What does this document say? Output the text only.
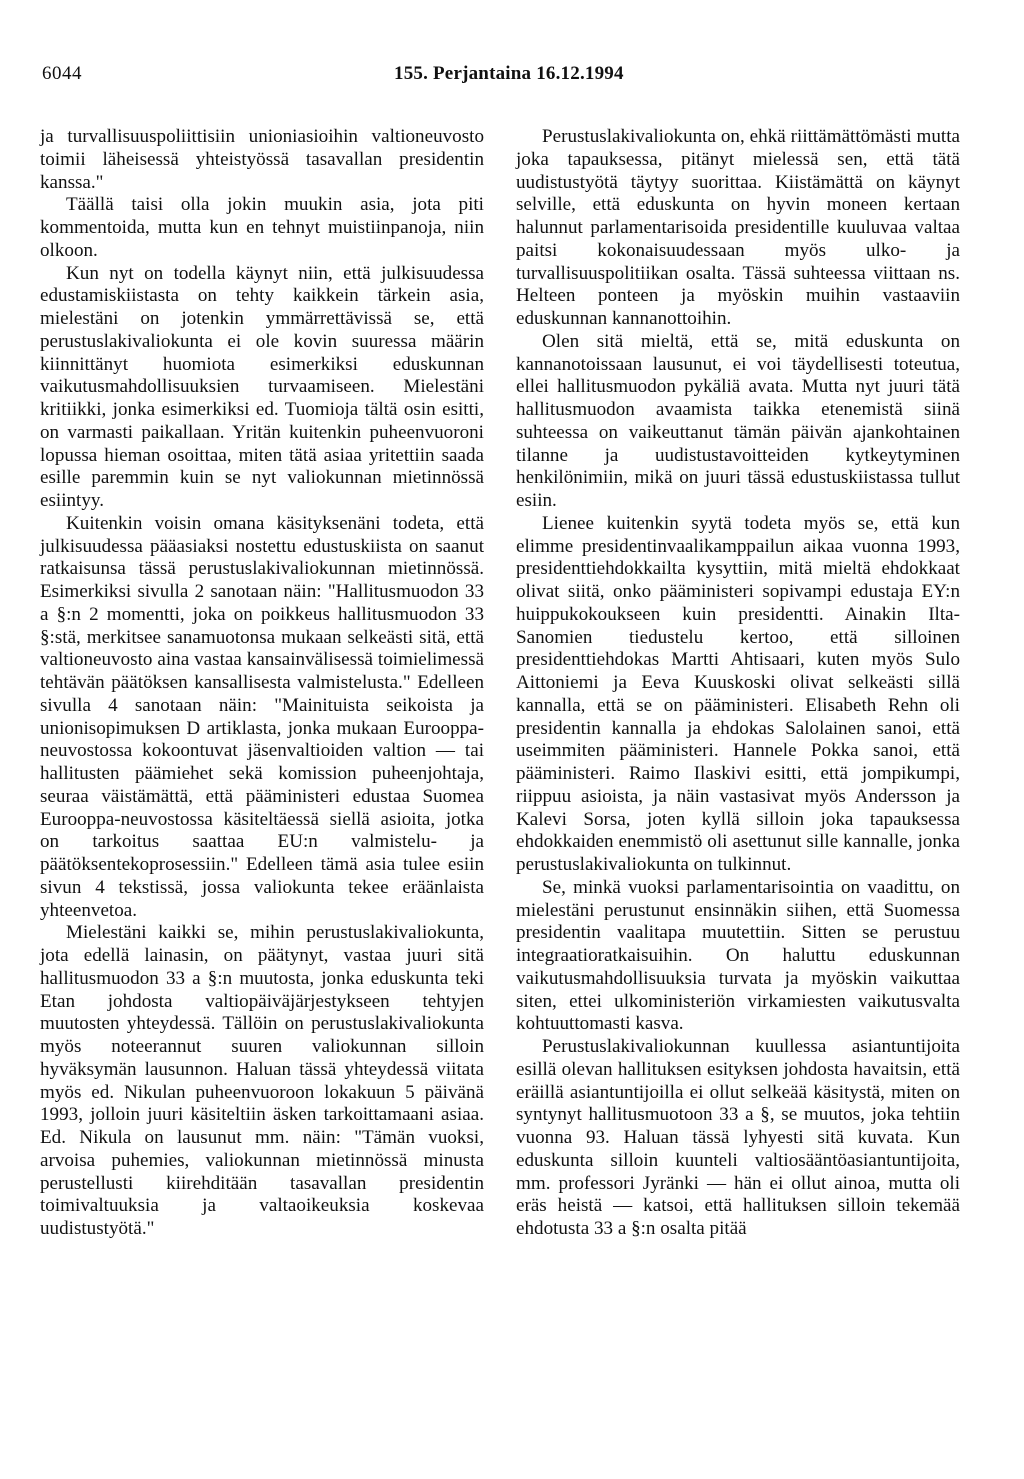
6044	155. Perjantaina 16.12.1994

ja turvallisuuspoliittisiin unioniasioihin valtioneuvosto toimii läheisessä yhteistyössä tasavallan presidentin kanssa."

Täällä taisi olla jokin muukin asia, jota piti kommentoida, mutta kun en tehnyt muistiinpanoja, niin olkoon.

Kun nyt on todella käynyt niin, että julkisuudessa edustamiskiistasta on tehty kaikkein tärkein asia, mielestäni on jotenkin ymmärrettävissä se, että perustuslakivaliokunta ei ole kovin suuressa määrin kiinnittänyt huomiota esimerkiksi eduskunnan vaikutusmahdollisuuksien turvaamiseen. Mielestäni kritiikki, jonka esimerkiksi ed. Tuomioja tältä osin esitti, on varmasti paikallaan. Yritän kuitenkin puheenvuoroni lopussa hieman osoittaa, miten tätä asiaa yritettiin saada esille paremmin kuin se nyt valiokunnan mietinnössä esiintyy.

Kuitenkin voisin omana käsityksenäni todeta, että julkisuudessa pääasiaksi nostettu edustuskiista on saanut ratkaisunsa tässä perustuslakivaliokunnan mietinnössä. Esimerkiksi sivulla 2 sanotaan näin: "Hallitusmuodon 33 a §:n 2 momentti, joka on poikkeus hallitusmuodon 33 §:stä, merkitsee sanamuotonsa mukaan selkeästi sitä, että valtioneuvosto aina vastaa kansainvälisessä toimielimessä tehtävän päätöksen kansallisesta valmistelusta." Edelleen sivulla 4 sanotaan näin: "Mainituista seikoista ja unionisopimuksen D artiklasta, jonka mukaan Eurooppa-neuvostossa kokoontuvat jäsenvaltioiden valtion — tai hallitusten päämiehet sekä komission puheenjohtaja, seuraa väistämättä, että pääministeri edustaa Suomea Eurooppa-neuvostossa käsiteltäessä siellä asioita, jotka on tarkoitus saattaa EU:n valmistelu- ja päätöksentekoprosessiin." Edelleen tämä asia tulee esiin sivun 4 tekstissä, jossa valiokunta tekee eräänlaista yhteenvetoa.

Mielestäni kaikki se, mihin perustuslakivaliokunta, jota edellä lainasin, on päätynyt, vastaa juuri sitä hallitusmuodon 33 a §:n muutosta, jonka eduskunta teki Etan johdosta valtiopäiväjärjestykseen tehtyjen muutosten yhteydessä. Tällöin on perustuslakivaliokunta myös noteerannut suuren valiokunnan silloin hyväksymän lausunnon. Haluan tässä yhteydessä viitata myös ed. Nikulan puheenvuoroon lokakuun 5 päivänä 1993, jolloin juuri käsiteltiin äsken tarkoittamaani asiaa. Ed. Nikula on lausunut mm. näin: "Tämän vuoksi, arvoisa puhemies, valiokunnan mietinnössä minusta perustellusti kiirehditään tasavallan presidentin toimivaltuuksia ja valtaoikeuksia koskevaa uudistustyötä."

Perustuslakivaliokunta on, ehkä riittämättömästi mutta joka tapauksessa, pitänyt mielessä sen, että tätä uudistustyötä täytyy suorittaa. Kiistämättä on käynyt selville, että eduskunta on hyvin moneen kertaan halunnut parlamentarisoida presidentille kuuluvaa valtaa paitsi kokonaisuudessaan myös ulko- ja turvallisuuspolitiikan osalta. Tässä suhteessa viittaan ns. Helteen ponteen ja myöskin muihin vastaaviin eduskunnan kannanottoihin.

Olen sitä mieltä, että se, mitä eduskunta on kannanotoissaan lausunut, ei voi täydellisesti toteutua, ellei hallitusmuodon pykäliä avata. Mutta nyt juuri tätä hallitusmuodon avaamista taikka etenemistä siinä suhteessa on vaikeuttanut tämän päivän ajankohtainen tilanne ja uudistustavoitteiden kytkeytyminen henkilönimiin, mikä on juuri tässä edustuskiistassa tullut esiin.

Lienee kuitenkin syytä todeta myös se, että kun elimme presidentinvaalikamppailun aikaa vuonna 1993, presidenttiehdokkailta kysyttiin, mitä mieltä ehdokkaat olivat siitä, onko pääministeri sopivampi edustaja EY:n huippukokoukseen kuin presidentti. Ainakin Ilta-Sanomien tiedustelu kertoo, että silloinen presidenttiehdokas Martti Ahtisaari, kuten myös Sulo Aittoniemi ja Eeva Kuuskoski olivat selkeästi sillä kannalla, että se on pääministeri. Elisabeth Rehn oli presidentin kannalla ja ehdokas Salolainen sanoi, että useimmiten pääministeri. Hannele Pokka sanoi, että pääministeri. Raimo Ilaskivi esitti, että jompikumpi, riippuu asioista, ja näin vastasivat myös Andersson ja Kalevi Sorsa, joten kyllä silloin joka tapauksessa ehdokkaiden enemmistö oli asettunut sille kannalle, jonka perustuslakivaliokunta on tulkinnut.

Se, minkä vuoksi parlamentarisointia on vaadittu, on mielestäni perustunut ensinnäkin siihen, että Suomessa presidentin vaalitapa muutettiin. Sitten se perustuu integraatioratkaisuihin. On haluttu eduskunnan vaikutusmahdollisuuksia turvata ja myöskin vaikuttaa siten, ettei ulkoministeriön virkamiesten vaikutusvalta kohtuuttomasti kasva.

Perustuslakivaliokunnan kuullessa asiantuntijoita esillä olevan hallituksen esityksen johdosta havaitsin, että eräillä asiantuntijoilla ei ollut selkeää käsitystä, miten on syntynyt hallitusmuotoon 33 a §, se muutos, joka tehtiin vuonna 93. Haluan tässä lyhyesti sitä kuvata. Kun eduskunta silloin kuunteli valtiosääntöasiantuntijoita, mm. professori Jyränki — hän ei ollut ainoa, mutta oli eräs heistä — katsoi, että hallituksen silloin tekemää ehdotusta 33 a §:n osalta pitää
